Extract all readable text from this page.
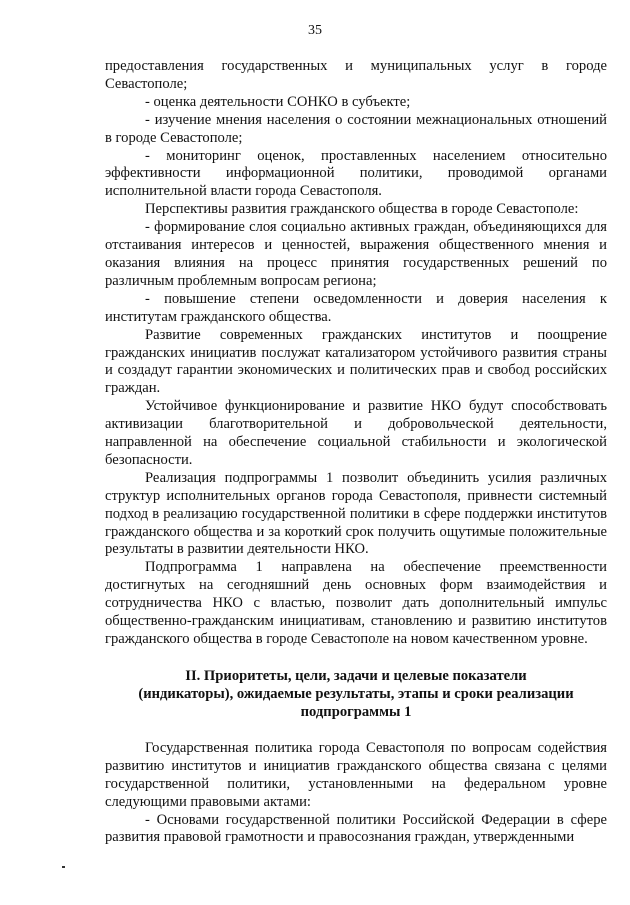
35

предоставления государственных и муниципальных услуг в городе Севастополе;

- оценка деятельности СОНКО в субъекте;

- изучение мнения населения о состоянии межнациональных отношений в городе Севастополе;

- мониторинг оценок, проставленных населением относительно эффективности информационной политики, проводимой органами исполнительной власти города Севастополя.

Перспективы развития гражданского общества в городе Севастополе:

- формирование слоя социально активных граждан, объединяющихся для отстаивания интересов и ценностей, выражения общественного мнения и оказания влияния на процесс принятия государственных решений по различным проблемным вопросам региона;

- повышение степени осведомленности и доверия населения к институтам гражданского общества.

Развитие современных гражданских институтов и поощрение гражданских инициатив послужат катализатором устойчивого развития страны и создадут гарантии экономических и политических прав и свобод российских граждан.

Устойчивое функционирование и развитие НКО будут способствовать активизации благотворительной и добровольческой деятельности, направленной на обеспечение социальной стабильности и экологической безопасности.

Реализация подпрограммы 1 позволит объединить усилия различных структур исполнительных органов города Севастополя, привнести системный подход в реализацию государственной политики в сфере поддержки институтов гражданского общества и за короткий срок получить ощутимые положительные результаты в развитии деятельности НКО.

Подпрограмма 1 направлена на обеспечение преемственности достигнутых на сегодняшний день основных форм взаимодействия и сотрудничества НКО с властью, позволит дать дополнительный импульс общественно-гражданским инициативам, становлению и развитию институтов гражданского общества в городе Севастополе на новом качественном уровне.

II. Приоритеты, цели, задачи и целевые показатели
(индикаторы), ожидаемые результаты, этапы и сроки реализации
подпрограммы 1

Государственная политика города Севастополя по вопросам содействия развитию институтов и инициатив гражданского общества связана с целями государственной политики, установленными на федеральном уровне следующими правовыми актами:

- Основами государственной политики Российской Федерации в сфере развития правовой грамотности и правосознания граждан, утвержденными
